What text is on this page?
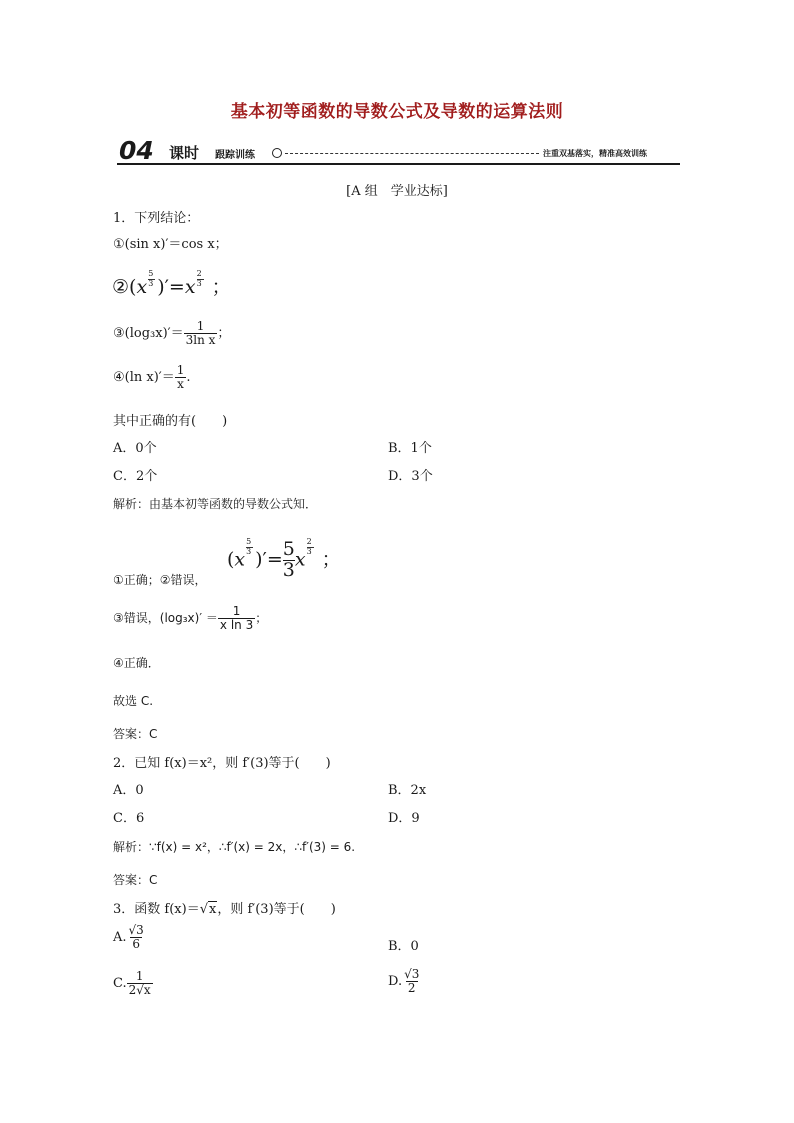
基本初等函数的导数公式及导数的运算法则
04 课时 跟踪训练	注重双基落实，精准高效训练
[A 组　学业达标]
1．下列结论：
①(sin x)′＝cos x；
②(x $\frac{5}{3} )'=x \frac{2}{3}$ ；
③(log₃x)′＝ $\frac{1}{\text{3ln x}}$ ；
④(ln $x)'= \frac{1}{x}$ .
其中正确的有(　　)
A．0个	B．1个
C．2个	D．3个
解析：由基本初等函数的导数公式知．
($x \frac{5}{3}$ )′= $\frac{5}{3}$ x $\frac{2}{3}$ ；
①正确；②错误，
③错误，$(\log_3x)' = \frac{1}{\text{x ln 3}}$ ；
④正确．
故选 C.
答案：C
2．已知 f(x)＝x²，则 f′(3)等于(　　)
A．0	B．2x
C．6	D．9
解析：∵f(x) = x²，∴f′(x) = 2x，∴f′(3) = 6.
答案：C
3．函数 f(x)＝√x，则 f′(3)等于(　　)
A. $\frac{√3}{6}$	B．0
C. $\frac{1}{2√x}$	D. $\frac{√3}{2}$
